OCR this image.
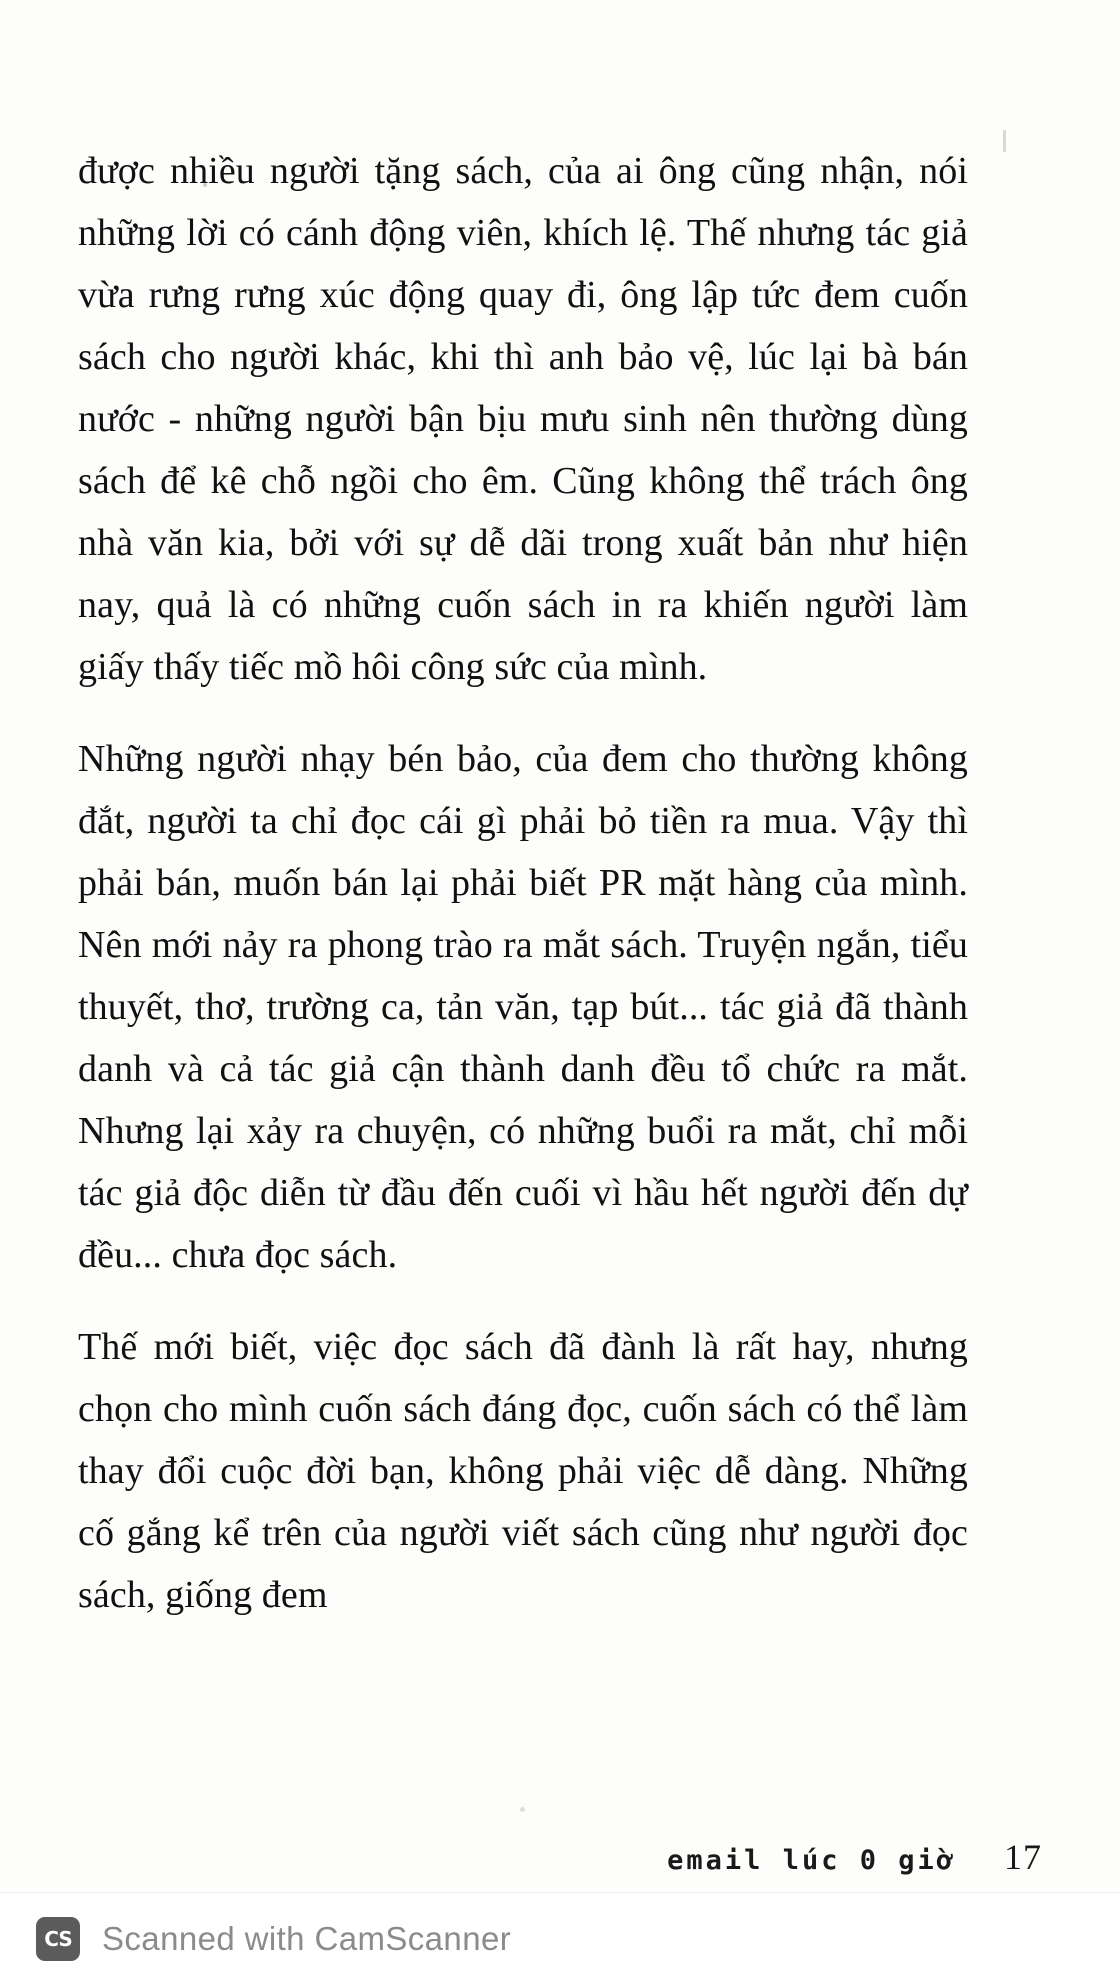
được nhiều người tặng sách, của ai ông cũng nhận, nói những lời có cánh động viên, khích lệ. Thế nhưng tác giả vừa rưng rưng xúc động quay đi, ông lập tức đem cuốn sách cho người khác, khi thì anh bảo vệ, lúc lại bà bán nước - những người bận bịu mưu sinh nên thường dùng sách để kê chỗ ngồi cho êm. Cũng không thể trách ông nhà văn kia, bởi với sự dễ dãi trong xuất bản như hiện nay, quả là có những cuốn sách in ra khiến người làm giấy thấy tiếc mồ hôi công sức của mình.

Những người nhạy bén bảo, của đem cho thường không đắt, người ta chỉ đọc cái gì phải bỏ tiền ra mua. Vậy thì phải bán, muốn bán lại phải biết PR mặt hàng của mình. Nên mới nảy ra phong trào ra mắt sách. Truyện ngắn, tiểu thuyết, thơ, trường ca, tản văn, tạp bút... tác giả đã thành danh và cả tác giả cận thành danh đều tổ chức ra mắt. Nhưng lại xảy ra chuyện, có những buổi ra mắt, chỉ mỗi tác giả độc diễn từ đầu đến cuối vì hầu hết người đến dự đều... chưa đọc sách.

Thế mới biết, việc đọc sách đã đành là rất hay, nhưng chọn cho mình cuốn sách đáng đọc, cuốn sách có thể làm thay đổi cuộc đời bạn, không phải việc dễ dàng. Những cố gắng kể trên của người viết sách cũng như người đọc sách, giống đem

email lúc 0 giờ 17
CS Scanned with CamScanner
